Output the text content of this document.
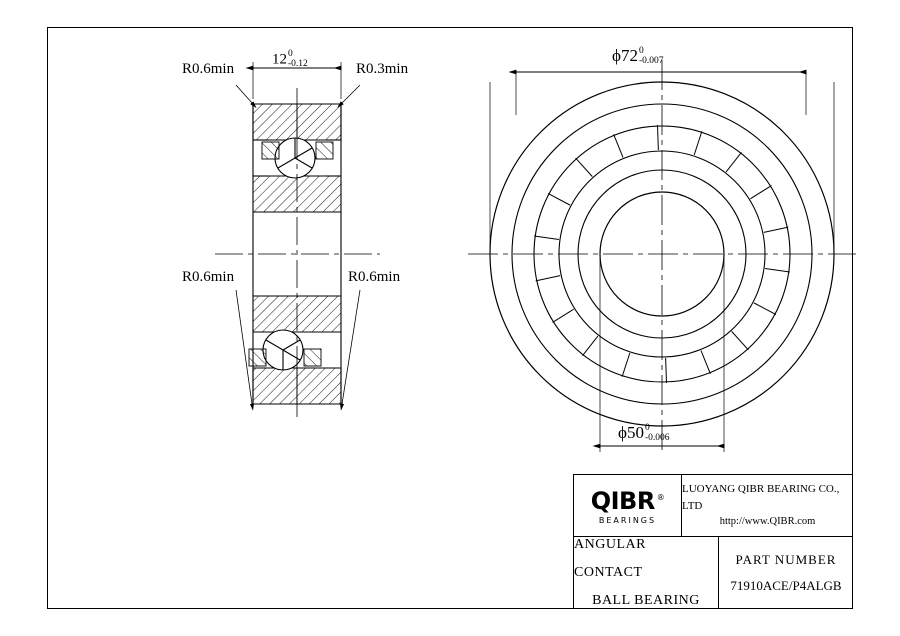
12 0
-0.12
R0.6min	R0.3min
R0.6min	R0.6min
ϕ72 0
-0.007
ϕ50 0
-0.006
QIBR ®
BEARINGS
LUOYANG QIBR BEARING CO., LTD
http://www.QIBR.com
ANGULAR CONTACT
BALL BEARING
PART NUMBER
71910ACE/P4ALGB
